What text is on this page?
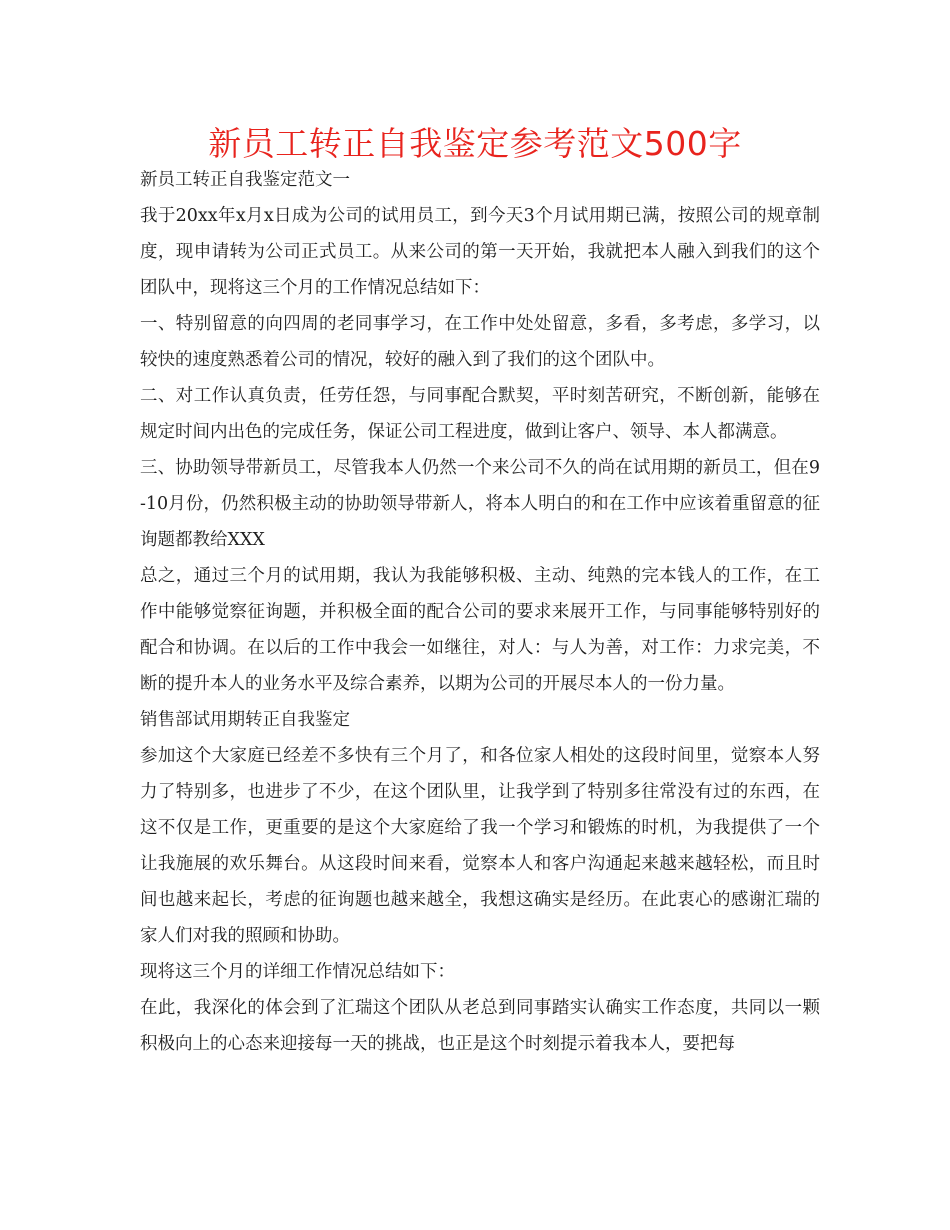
新员工转正自我鉴定参考范文500字

新员工转正自我鉴定范文一

我于20xx年x月x日成为公司的试用员工，到今天3个月试用期已满，按照公司的规章制度，现申请转为公司正式员工。从来公司的第一天开始，我就把本人融入到我们的这个团队中，现将这三个月的工作情况总结如下：

一、特别留意的向四周的老同事学习，在工作中处处留意，多看，多考虑，多学习，以较快的速度熟悉着公司的情况，较好的融入到了我们的这个团队中。

二、对工作认真负责，任劳任怨，与同事配合默契，平时刻苦研究，不断创新，能够在规定时间内出色的完成任务，保证公司工程进度，做到让客户、领导、本人都满意。

三、协助领导带新员工，尽管我本人仍然一个来公司不久的尚在试用期的新员工，但在9-10月份，仍然积极主动的协助领导带新人，将本人明白的和在工作中应该着重留意的征询题都教给XXX

总之，通过三个月的试用期，我认为我能够积极、主动、纯熟的完本钱人的工作，在工作中能够觉察征询题，并积极全面的配合公司的要求来展开工作，与同事能够特别好的配合和协调。在以后的工作中我会一如继往，对人：与人为善，对工作：力求完美，不断的提升本人的业务水平及综合素养，以期为公司的开展尽本人的一份力量。

销售部试用期转正自我鉴定

参加这个大家庭已经差不多快有三个月了，和各位家人相处的这段时间里，觉察本人努力了特别多，也进步了不少，在这个团队里，让我学到了特别多往常没有过的东西，在这不仅是工作，更重要的是这个大家庭给了我一个学习和锻炼的时机，为我提供了一个让我施展的欢乐舞台。从这段时间来看，觉察本人和客户沟通起来越来越轻松，而且时间也越来起长，考虑的征询题也越来越全，我想这确实是经历。在此衷心的感谢汇瑞的家人们对我的照顾和协助。

现将这三个月的详细工作情况总结如下：

在此，我深化的体会到了汇瑞这个团队从老总到同事踏实认确实工作态度，共同以一颗积极向上的心态来迎接每一天的挑战，也正是这个时刻提示着我本人，要把每
